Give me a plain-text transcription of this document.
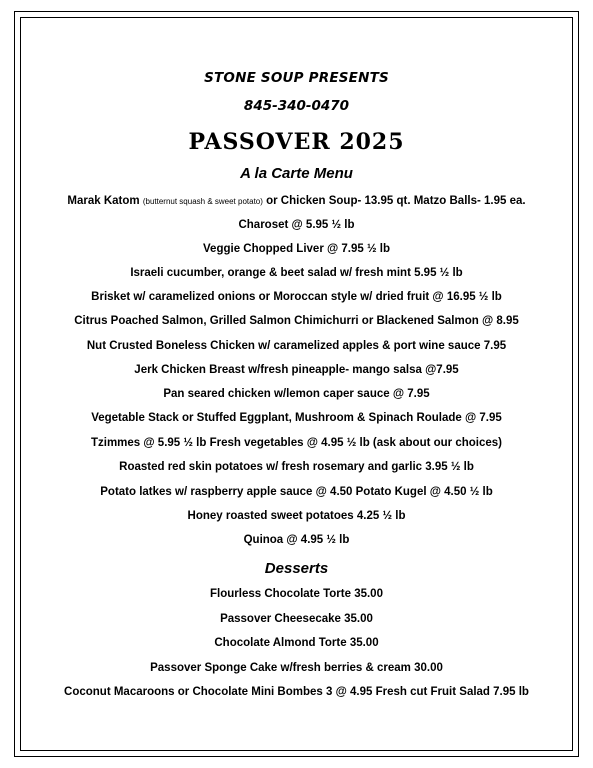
STONE SOUP PRESENTS
845-340-0470
PASSOVER 2025
A la Carte Menu
Marak Katom (butternut squash & sweet potato) or Chicken Soup- 13.95 qt. Matzo Balls- 1.95 ea.
Charoset @ 5.95 ½ lb
Veggie Chopped Liver @ 7.95 ½ lb
Israeli cucumber, orange & beet salad w/ fresh mint 5.95 ½ lb
Brisket w/ caramelized onions or Moroccan style w/ dried fruit @ 16.95 ½ lb
Citrus Poached Salmon, Grilled Salmon Chimichurri or Blackened Salmon @ 8.95
Nut Crusted Boneless Chicken w/ caramelized apples & port wine sauce 7.95
Jerk Chicken Breast w/fresh pineapple- mango salsa @7.95
Pan seared chicken w/lemon caper sauce @ 7.95
Vegetable Stack or Stuffed Eggplant, Mushroom & Spinach Roulade @ 7.95
Tzimmes @ 5.95 ½ lb Fresh vegetables @ 4.95 ½ lb (ask about our choices)
Roasted red skin potatoes w/ fresh rosemary and garlic 3.95 ½ lb
Potato latkes w/ raspberry apple sauce @ 4.50 Potato Kugel @ 4.50 ½ lb
Honey roasted sweet potatoes 4.25 ½ lb
Quinoa @ 4.95 ½ lb
Desserts
Flourless Chocolate Torte 35.00
Passover Cheesecake 35.00
Chocolate Almond Torte 35.00
Passover Sponge Cake w/fresh berries & cream 30.00
Coconut Macaroons or Chocolate Mini Bombes 3 @ 4.95 Fresh cut Fruit Salad 7.95 lb
